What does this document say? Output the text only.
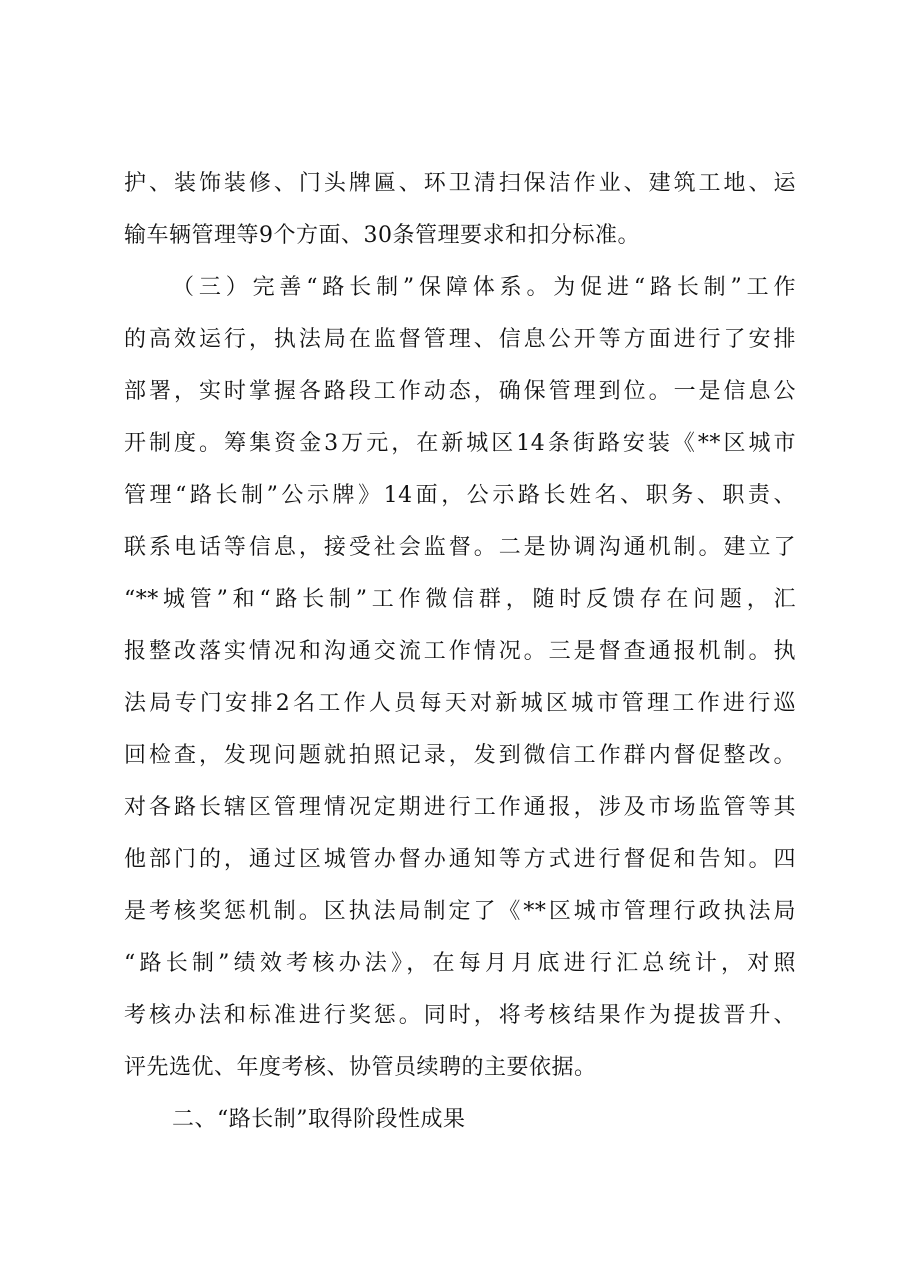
护、装饰装修、门头牌匾、环卫清扫保洁作业、建筑工地、运
输车辆管理等9个方面、30条管理要求和扣分标准。
（三）完善“路长制”保障体系。为促进“路长制”工作
的高效运行，执法局在监督管理、信息公开等方面进行了安排
部署，实时掌握各路段工作动态，确保管理到位。一是信息公
开制度。筹集资金3万元，在新城区14条街路安装《**区城市
管理“路长制”公示牌》14面，公示路长姓名、职务、职责、
联系电话等信息，接受社会监督。二是协调沟通机制。建立了
“**城管”和“路长制”工作微信群，随时反馈存在问题，汇
报整改落实情况和沟通交流工作情况。三是督查通报机制。执
法局专门安排2名工作人员每天对新城区城市管理工作进行巡
回检查，发现问题就拍照记录，发到微信工作群内督促整改。
对各路长辖区管理情况定期进行工作通报，涉及市场监管等其
他部门的，通过区城管办督办通知等方式进行督促和告知。四
是考核奖惩机制。区执法局制定了《**区城市管理行政执法局
“路长制”绩效考核办法》，在每月月底进行汇总统计，对照
考核办法和标准进行奖惩。同时，将考核结果作为提拔晋升、
评先选优、年度考核、协管员续聘的主要依据。
二、“路长制”取得阶段性成果
